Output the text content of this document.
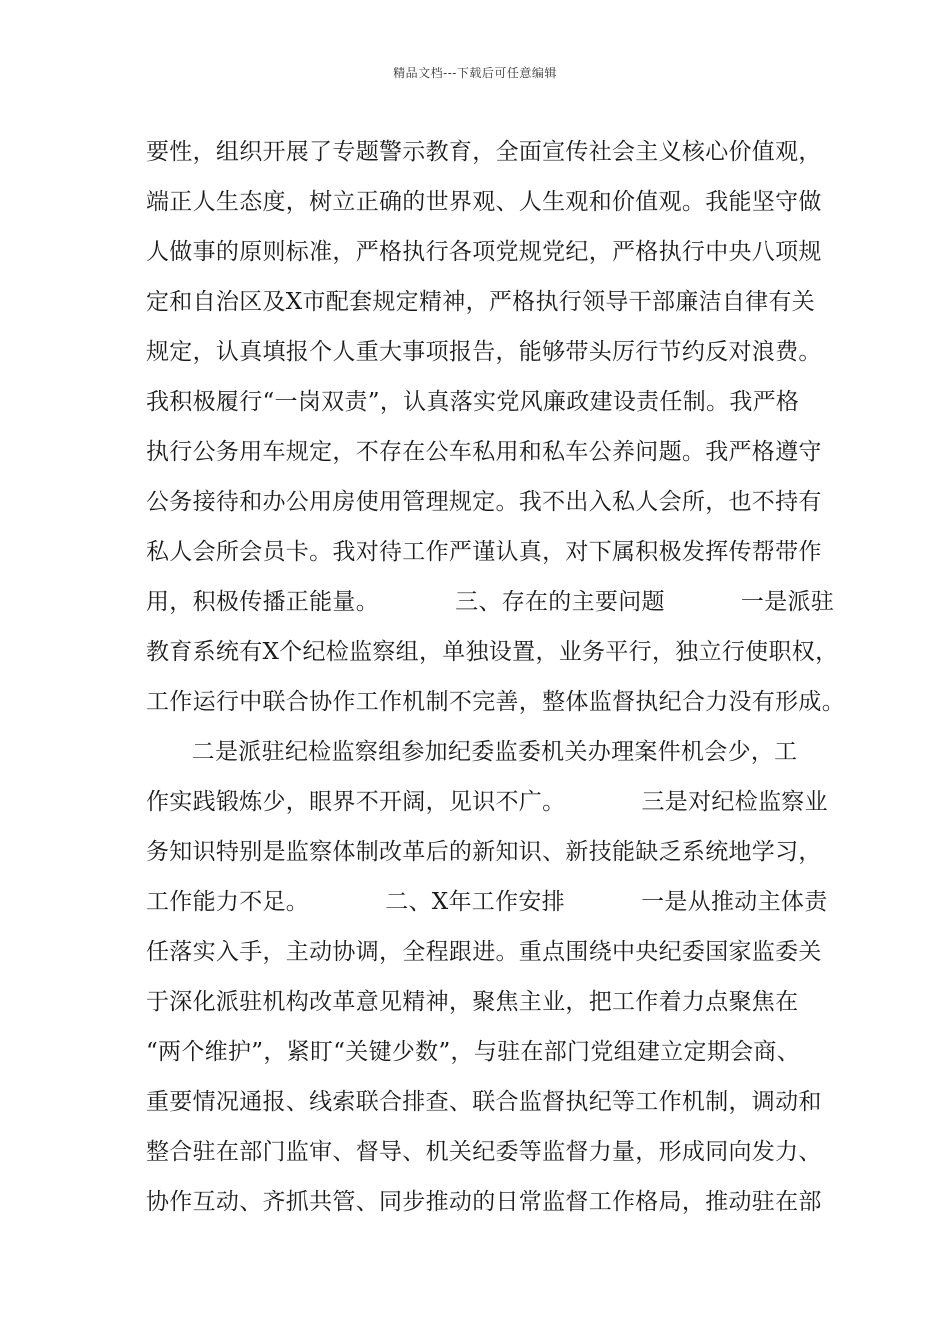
精品文档---下载后可任意编辑
要性，组织开展了专题警示教育，全面宣传社会主义核心价值观，
端正人生态度，树立正确的世界观、人生观和价值观。我能坚守做
人做事的原则标准，严格执行各项党规党纪，严格执行中央八项规
定和自治区及X市配套规定精神，严格执行领导干部廉洁自律有关
规定，认真填报个人重大事项报告，能够带头厉行节约反对浪费。
我积极履行“一岗双责”，认真落实党风廉政建设责任制。我严格
执行公务用车规定，不存在公车私用和私车公养问题。我严格遵守
公务接待和办公用房使用管理规定。我不出入私人会所，也不持有
私人会所会员卡。我对待工作严谨认真，对下属积极发挥传帮带作
用，积极传播正能量。          三、存在的主要问题          一是派驻
教育系统有X个纪检监察组，单独设置，业务平行，独立行使职权，
工作运行中联合协作工作机制不完善，整体监督执纪合力没有形成。
二是派驻纪检监察组参加纪委监委机关办理案件机会少，工
作实践锻炼少，眼界不开阔，见识不广。          三是对纪检监察业
务知识特别是监察体制改革后的新知识、新技能缺乏系统地学习，
工作能力不足。          二、X年工作安排          一是从推动主体责
任落实入手，主动协调，全程跟进。重点围绕中央纪委国家监委关
于深化派驻机构改革意见精神，聚焦主业，把工作着力点聚焦在
“两个维护”，紧盯“关键少数”，与驻在部门党组建立定期会商、
重要情况通报、线索联合排查、联合监督执纪等工作机制，调动和
整合驻在部门监审、督导、机关纪委等监督力量，形成同向发力、
协作互动、齐抓共管、同步推动的日常监督工作格局，推动驻在部
